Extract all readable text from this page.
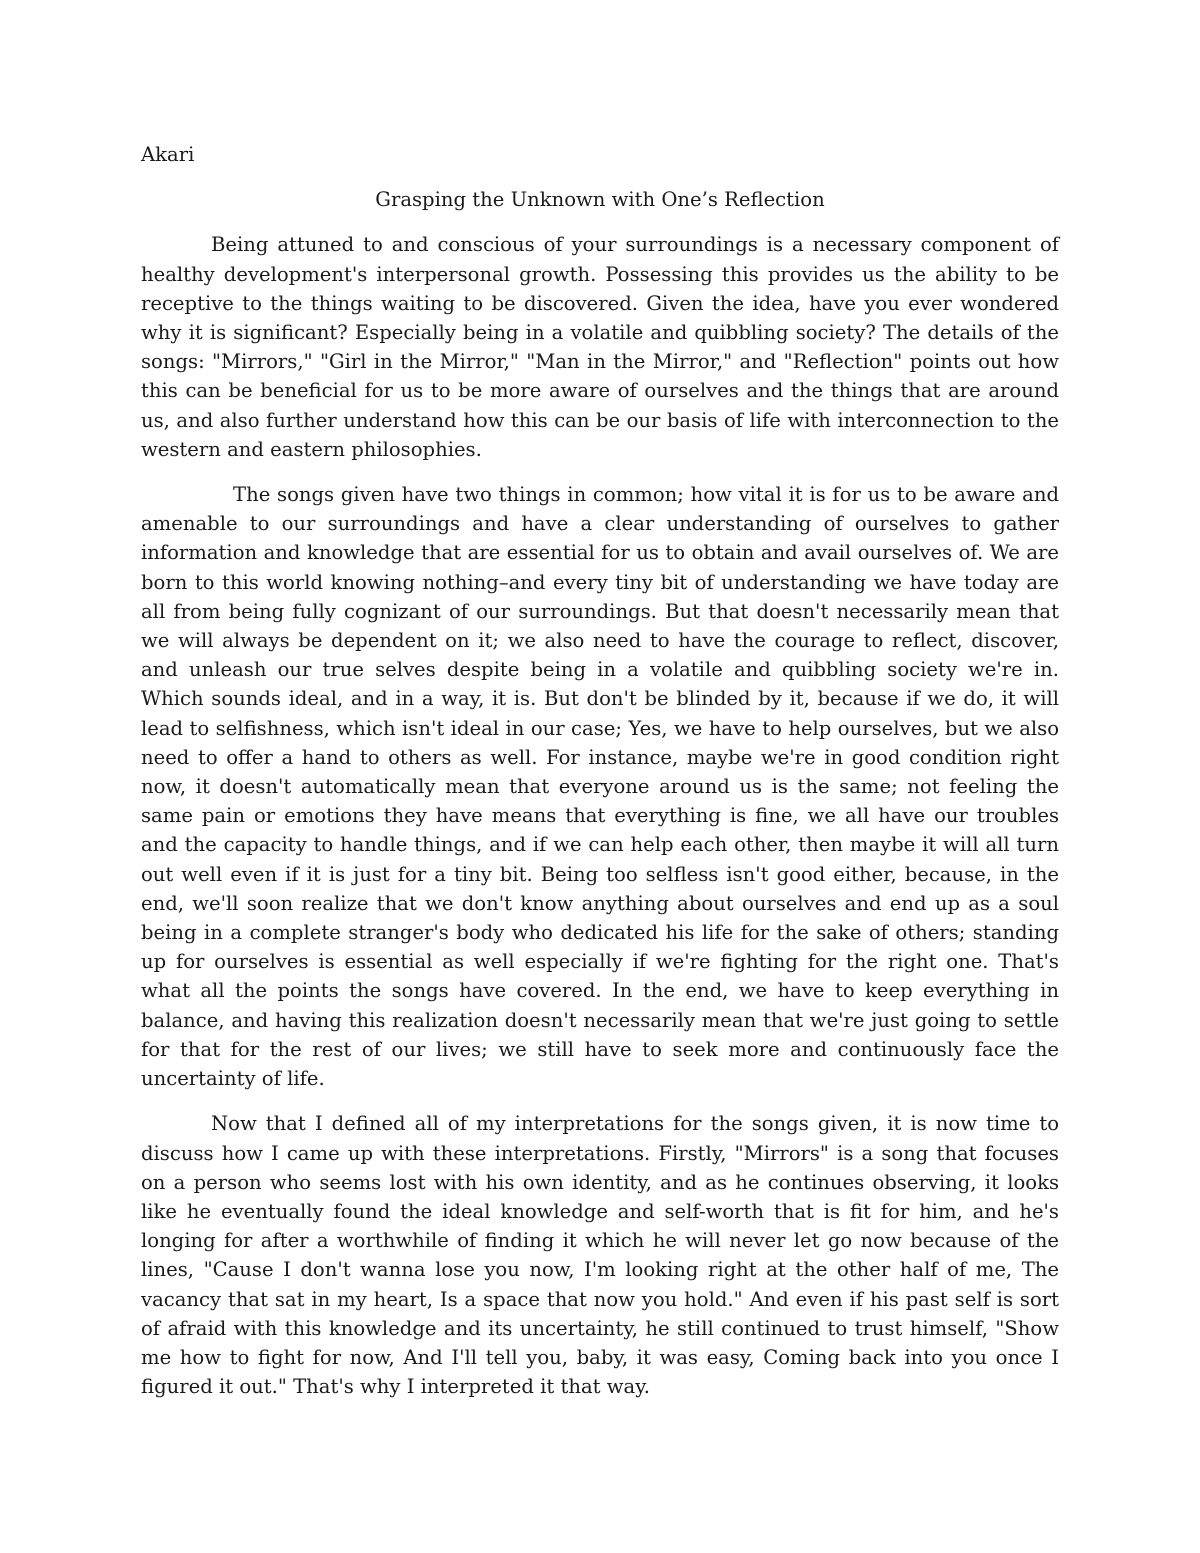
Akari

Grasping the Unknown with One’s Reflection

Being attuned to and conscious of your surroundings is a necessary component of healthy development's interpersonal growth. Possessing this provides us the ability to be receptive to the things waiting to be discovered. Given the idea, have you ever wondered why it is significant? Especially being in a volatile and quibbling society? The details of the songs: "Mirrors," "Girl in the Mirror," "Man in the Mirror," and "Reflection" points out how this can be beneficial for us to be more aware of ourselves and the things that are around us, and also further understand how this can be our basis of life with interconnection to the western and eastern philosophies.

The songs given have two things in common; how vital it is for us to be aware and amenable to our surroundings and have a clear understanding of ourselves to gather information and knowledge that are essential for us to obtain and avail ourselves of. We are born to this world knowing nothing–and every tiny bit of understanding we have today are all from being fully cognizant of our surroundings. But that doesn't necessarily mean that we will always be dependent on it; we also need to have the courage to reflect, discover, and unleash our true selves despite being in a volatile and quibbling society we're in. Which sounds ideal, and in a way, it is. But don't be blinded by it, because if we do, it will lead to selfishness, which isn't ideal in our case; Yes, we have to help ourselves, but we also need to offer a hand to others as well. For instance, maybe we're in good condition right now, it doesn't automatically mean that everyone around us is the same; not feeling the same pain or emotions they have means that everything is fine, we all have our troubles and the capacity to handle things, and if we can help each other, then maybe it will all turn out well even if it is just for a tiny bit. Being too selfless isn't good either, because, in the end, we'll soon realize that we don't know anything about ourselves and end up as a soul being in a complete stranger's body who dedicated his life for the sake of others; standing up for ourselves is essential as well especially if we're fighting for the right one. That's what all the points the songs have covered. In the end, we have to keep everything in balance, and having this realization doesn't necessarily mean that we're just going to settle for that for the rest of our lives; we still have to seek more and continuously face the uncertainty of life.

Now that I defined all of my interpretations for the songs given, it is now time to discuss how I came up with these interpretations. Firstly, "Mirrors" is a song that focuses on a person who seems lost with his own identity, and as he continues observing, it looks like he eventually found the ideal knowledge and self-worth that is fit for him, and he's longing for after a worthwhile of finding it which he will never let go now because of the lines, "Cause I don't wanna lose you now, I'm looking right at the other half of me, The vacancy that sat in my heart, Is a space that now you hold." And even if his past self is sort of afraid with this knowledge and its uncertainty, he still continued to trust himself, "Show me how to fight for now, And I'll tell you, baby, it was easy, Coming back into you once I figured it out." That's why I interpreted it that way.
